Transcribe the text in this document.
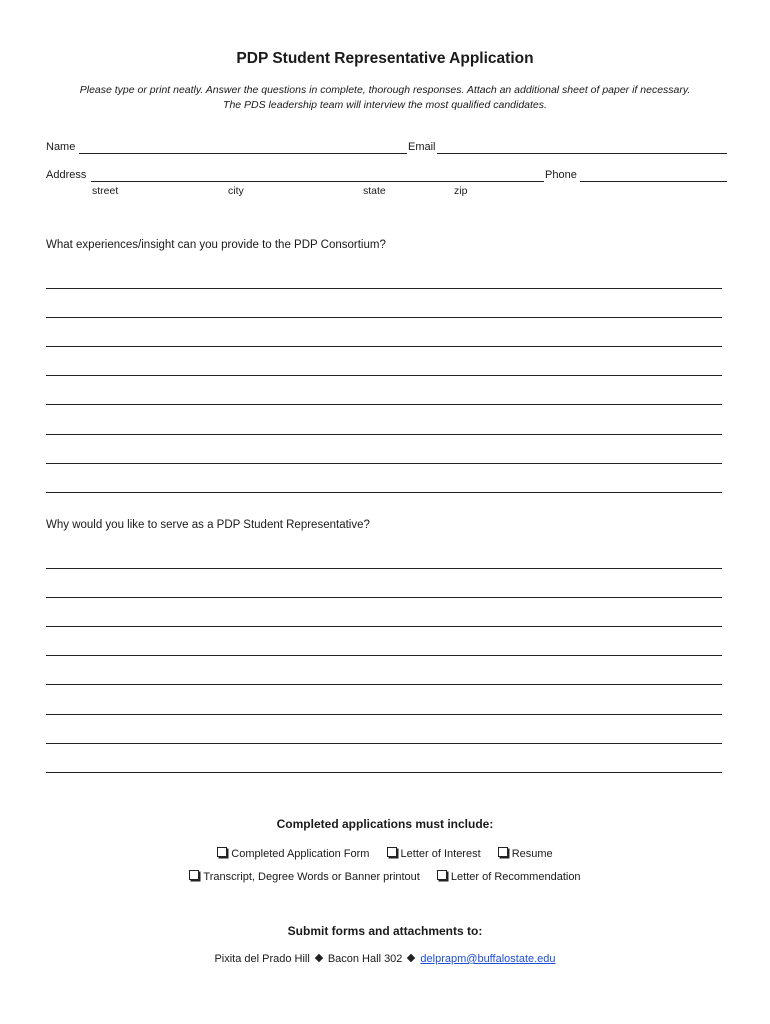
PDP Student Representative Application
Please type or print neatly. Answer the questions in complete, thorough responses. Attach an additional sheet of paper if necessary.
The PDS leadership team will interview the most qualified candidates.
Name	Email
Address	Phone
street	city	state	zip
What experiences/insight can you provide to the PDP Consortium?
Why would you like to serve as a PDP Student Representative?
Completed applications must include:
Completed Application Form	Letter of Interest	Resume
Transcript, Degree Words or Banner printout	Letter of Recommendation
Submit forms and attachments to:
Pixita del Prado Hill Bacon Hall 302 delprapm@buffalostate.edu
